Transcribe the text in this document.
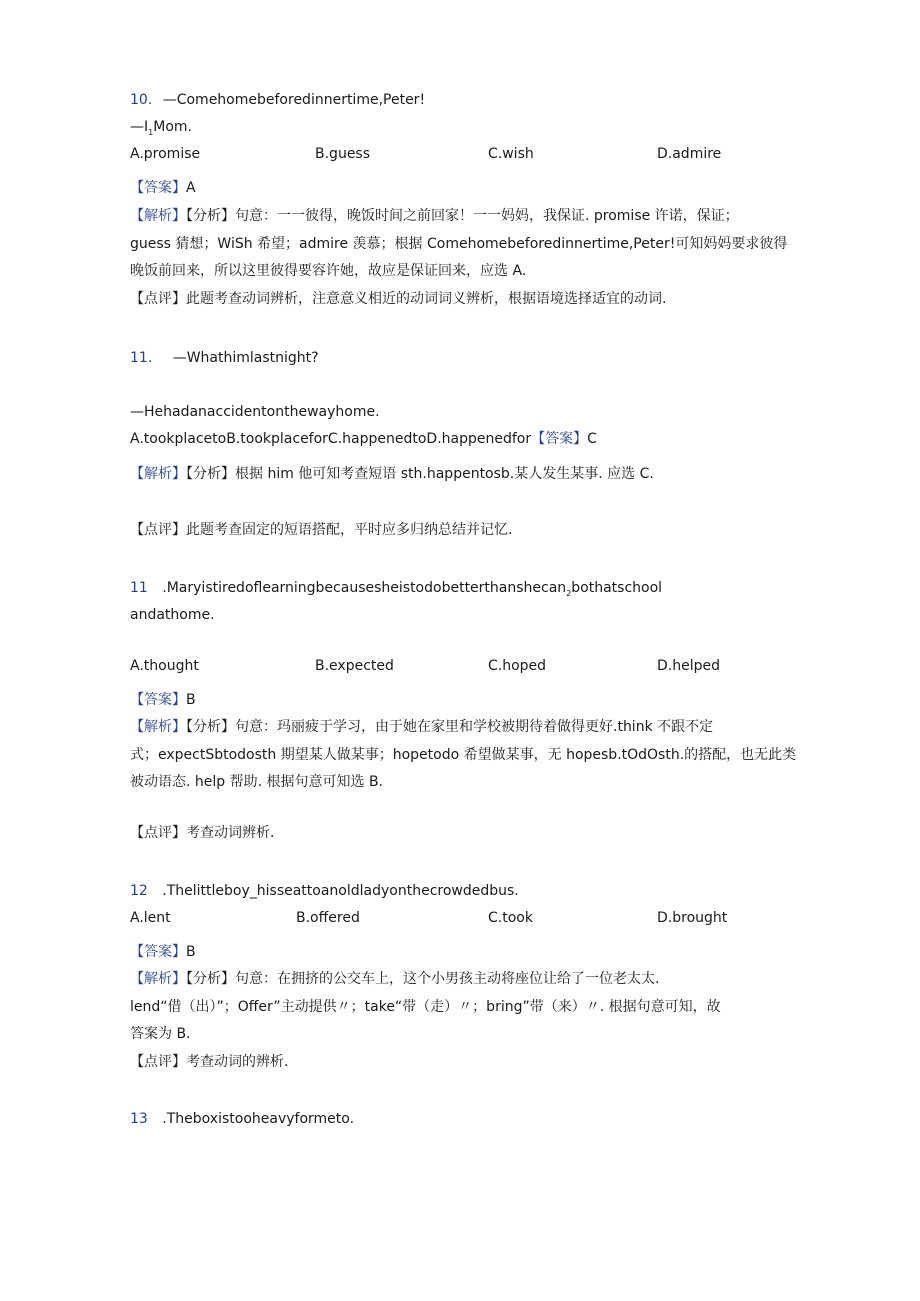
10. —Comehomebeforedinnertime,Peter!
$—I_1Mom$.
A.promise	B.guess	C.wish	D.admire
【答案】A
【解析】【分析】句意：一一彼得，晚饭时间之前回家！一一妈妈，我保证. promise 许诺，保证；
guess 猜想；WiSh 希望；admire 羡慕；根据 Comehomebeforedinnertime,Peter!可知妈妈要求彼得
晚饭前回来，所以这里彼得要容许她，故应是保证回来，应选 A.
【点评】此题考查动词辨析，注意意义相近的动词词义辨析，根据语境选择适宜的动词.
11. —Whathimlastnight?
—Hehadanaccidentonthewayhome.
A.tookplacetoB.tookplaceforC.happenedtoD.happenedfor【答案】C
【解析】【分析】根据 him 他可知考查短语 sth.happentosb.某人发生某事. 应选 C.
【点评】此题考查固定的短语搭配，平时应多归纳总结并记忆.
11 .Maryistiredoflearningbecausesheistodobetterthanshecan$_2$bothatschool
andathome.
A.thought	B.expected	C.hoped	D.helped
【答案】B
【解析】【分析】句意：玛丽疲于学习，由于她在家里和学校被期待着做得更好.think 不跟不定
式；expectSbtodosth 期望某人做某事；hopetodo 希望做某事，无 hopesb.tOdOsth.的搭配，也无此类
被动语态. help 帮助. 根据句意可知选 B.
【点评】考查动词辨析.
12 .Thelittleboy_hisseattoanoldladyonthecrowdedbus.
A.lent	B.offered	C.took	D.brought
【答案】B
【解析】【分析】句意：在拥挤的公交车上，这个小男孩主动将座位让给了一位老太太.
lend“借（出）”；Offer”主动提供〃；take“带（走）〃；bring”带（来）〃. 根据句意可知，故
答案为 B.
【点评】考查动词的辨析.
13 .Theboxistooheavyformeto.
